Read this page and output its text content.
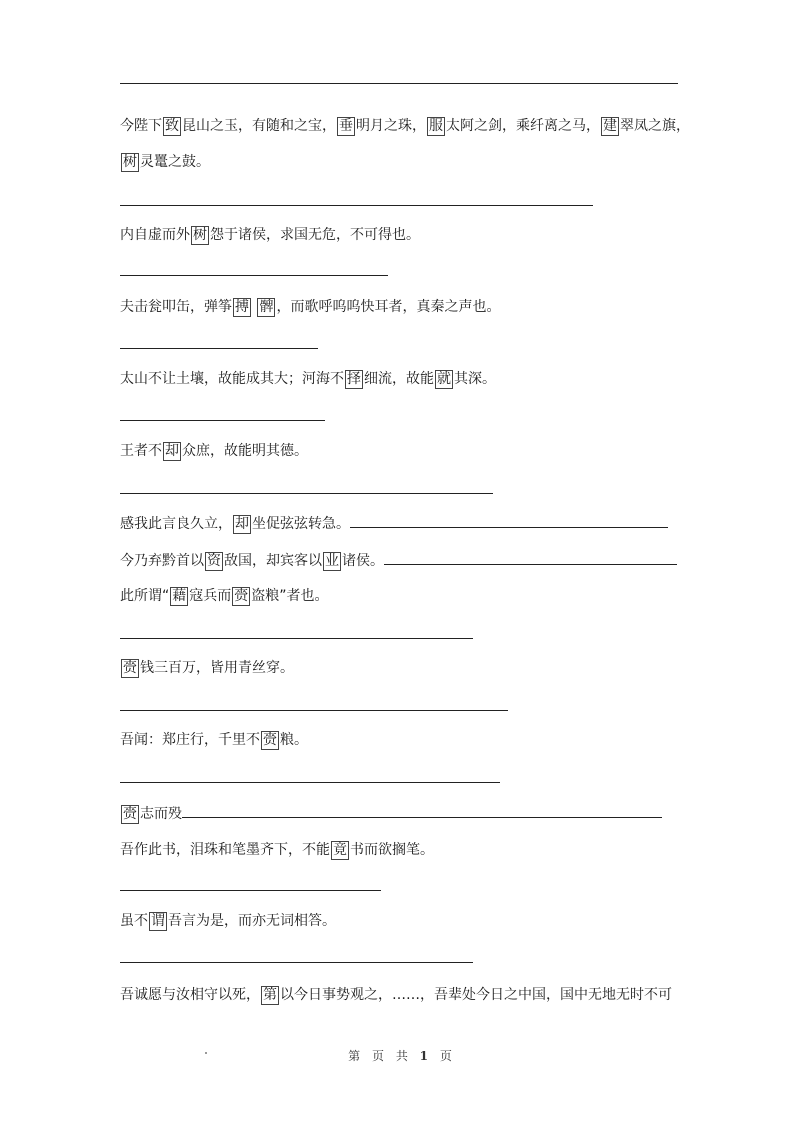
今陛下 致 昆山之玉，有随和之宝， 垂 明月之珠， 服 太阿之剑，乘纤离之马， 建 翠凤之旗，
树 灵鼍之鼓。
内自虚而外 树 怨于诸侯，求国无危，不可得也。
夫击瓮叩缶，弹筝 搏 髀 ，而歌呼呜呜快耳者，真秦之声也。
太山不让土壤，故能成其大；河海不 择 细流，故能 就 其深。
王者不 却 众庶，故能明其德。
感我此言良久立， 却 坐促弦弦转急。
今乃弃黔首以 资 敌国，却宾客以 业 诸侯。
此所谓“ 藉 寇兵而 赍 盗粮”者也。
赍 钱三百万，皆用青丝穿。
吾闻：郑庄行，千里不 赍 粮。
赍 志而殁
吾作此书，泪珠和笔墨齐下，不能 竟 书而欲搁笔。
虽不 谓 吾言为是，而亦无词相答。
吾诚愿与汝相守以死， 第 以今日事势观之，……，吾辈处今日之中国，国中无地无时不可
第 页 共 1 页
